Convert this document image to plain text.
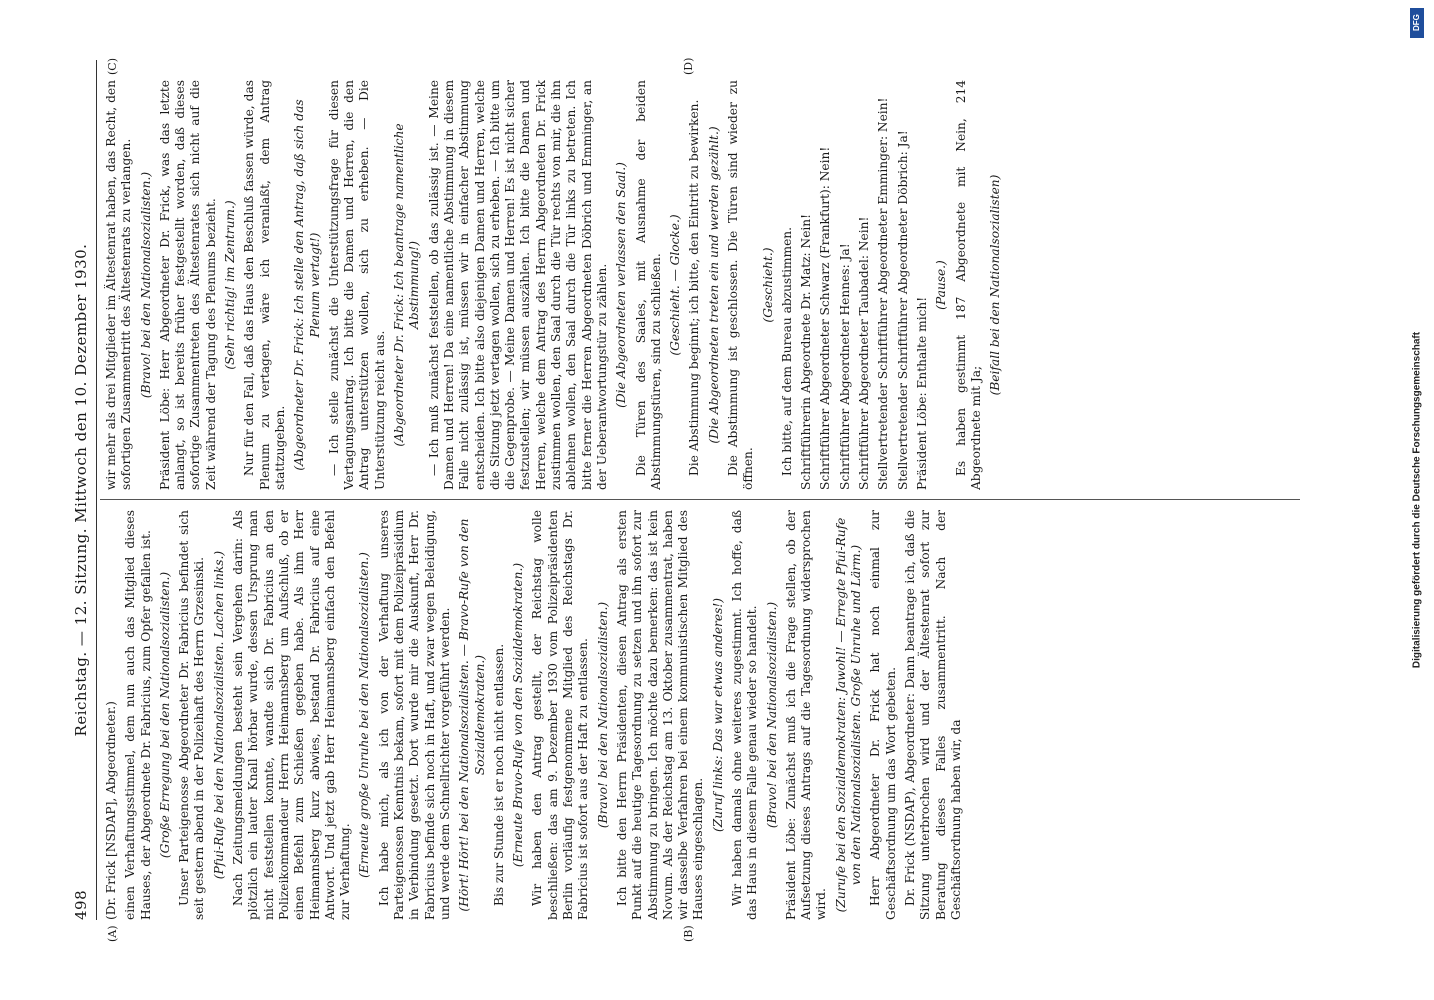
498
Reichstag. — 12. Sitzung. Mittwoch den 10. Dezember 1930.
(A)	(B)
(C)	(D)

(Dr. Frick [NSDAP], Abgeordneter.) einen Verhaftungsstimmel, dem nun auch das Mitglied dieses Hauses, der Abgeordnete Dr. Fabricius, zum Opfer gefallen ist. (Große Erregung bei den Nationalsozialisten.) Unser Parteigenosse Abgeordneter Dr. Fabricius befindet sich seit gestern abend in der Polizeihaft des Herrn Grzesinski. (Pfui-Rufe bei den Nationalsozialisten. Lachen links.) Nach Zeitungsmeldungen besteht sein Vergehen darin: Als plötzlich ein lauter Knall hörbar wurde, dessen Ursprung man nicht feststellen konnte, wandte sich Dr. Fabricius an den Polizeikommandeur Herrn Heimannsberg um Aufschluß, ob er einen Befehl zum Schießen gegeben habe. Als ihm Herr Heimannsberg kurz abwies, bestand Dr. Fabricius auf eine Antwort. Und jetzt gab Herr Heimannsberg einfach den Befehl zur Verhaftung. (Erneute große Unruhe bei den Nationalsozialisten.) Ich habe mich, als ich von der Verhaftung unseres Parteigenossen Kenntnis bekam, sofort mit dem Polizeipräsidium in Verbindung gesetzt. Dort wurde mir die Auskunft, Herr Dr. Fabricius befinde sich noch in Haft, und zwar wegen Beleidigung, und werde dem Schnellrichter vorgeführt werden. (Hört! Hört! bei den Nationalsozialisten. — Bravo-Rufe von den Sozialdemokraten.) Bis zur Stunde ist er noch nicht entlassen. (Erneute Bravo-Rufe von den Sozialdemokraten.) Wir haben den Antrag gestellt, der Reichstag wolle beschließen: das am 9. Dezember 1930 vom Polizeipräsidenten Berlin vorläufig festgenommene Mitglied des Reichstags Dr. Fabricius ist sofort aus der Haft zu entlassen. (Bravo! bei den Nationalsozialisten.) Ich bitte den Herrn Präsidenten, diesen Antrag als ersten Punkt auf die heutige Tagesordnung zu setzen und ihn sofort zur Abstimmung zu bringen. Ich möchte dazu bemerken: das ist kein Novum. Als der Reichstag am 13. Oktober zusammentrat, haben wir dasselbe Verfahren bei einem kommunistischen Mitglied des Hauses eingeschlagen.

(Zuruf links: Das war etwas anderes!) Wir haben damals ohne weiteres zugestimmt. Ich hoffe, daß das Haus in diesem Falle genau wieder so handelt. (Bravo! bei den Nationalsozialisten.) Präsident Löbe: Zunächst muß ich die Frage stellen, ob der Aufsetzung dieses Antrags auf die Tagesordnung widersprochen wird. (Zurufe bei den Sozialdemokraten: Jawohl! — Erregte Pfui-Rufe von den Nationalsozialisten. Große Unruhe und Lärm.) Herr Abgeordneter Dr. Frick hat noch einmal zur Geschäftsordnung um das Wort gebeten. Dr. Frick (NSDAP), Abgeordneter: Dann beantrage ich, daß die Sitzung unterbrochen wird und der Ältestenrat sofort zur Beratung dieses Falles zusammentritt. Nach der Geschäftsordnung haben wir, da

wir mehr als drei Mitglieder im Ältestenrat haben, das Recht, den sofortigen Zusammentritt des Ältestenrats zu verlangen. (Bravo! bei den Nationalsozialisten.) Präsident Löbe: Herr Abgeordneter Dr. Frick, was das letzte anlangt, so ist bereits früher festgestellt worden, daß dieses sofortige Zusammentreten des Ältestenrates sich nicht auf die Zeit während der Tagung des Plenums bezieht. (Sehr richtig! im Zentrum.) Nur für den Fall, daß das Haus den Beschluß fassen würde, das Plenum zu vertagen, wäre ich veranlaßt, dem Antrag stattzugeben. (Abgeordneter Dr. Frick: Ich stelle den Antrag, daß sich das Plenum vertagt!) — Ich stelle zunächst die Unterstützungsfrage für diesen Vertagungsantrag. Ich bitte die Damen und Herren, die den Antrag unterstützen wollen, sich zu erheben. — Die Unterstützung reicht aus. (Abgeordneter Dr. Frick: Ich beantrage namentliche Abstimmung!) — Ich muß zunächst feststellen, ob das zulässig ist. — Meine Damen und Herren! Da eine namentliche Abstimmung in diesem Falle nicht zulässig ist, müssen wir in einfacher Abstimmung entscheiden. Ich bitte also diejenigen Damen und Herren, welche die Sitzung jetzt vertagen wollen, sich zu erheben. — Ich bitte um die Gegenprobe. — Meine Damen und Herren! Es ist nicht sicher festzustellen; wir müssen auszählen. Ich bitte die Damen und Herren, welche dem Antrag des Herrn Abgeordneten Dr. Frick zustimmen wollen, den Saal durch die Tür rechts von mir, die ihn ablehnen wollen, den Saal durch die Tür links zu betreten. Ich bitte ferner die Herren Abgeordneten Döbrich und Emminger, an der Ueberantwortungstür zu zählen. (Die Abgeordneten verlassen den Saal.) Die Türen des Saales, mit Ausnahme der beiden Abstimmungstüren, sind zu schließen. (Geschieht. — Glocke.) Die Abstimmung beginnt; ich bitte, den Eintritt zu bewirken. (Die Abgeordneten treten ein und werden gezählt.) Die Abstimmung ist geschlossen. Die Türen sind wieder zu öffnen.

(Geschieht.) Ich bitte, auf dem Bureau abzustimmen. Schriftführerin Abgeordnete Dr. Matz: Nein! Schriftführer Abgeordneter Schwarz (Frankfurt): Nein! Schriftführer Abgeordneter Hennes: Ja! Schriftführer Abgeordneter Taubadel: Nein! Stellvertretender Schriftführer Abgeordneter Emminger: Nein! Stellvertretender Schriftführer Abgeordneter Döbrich: Ja! Präsident Löbe: Enthalte mich!

(Pause.) Es haben gestimmt 187 Abgeordnete mit Nein, 214 Abgeordnete mit Ja;

(Beifall bei den Nationalsozialisten)

DFG
Digitalisierung gefördert durch die Deutsche Forschungsgemeinschaft
